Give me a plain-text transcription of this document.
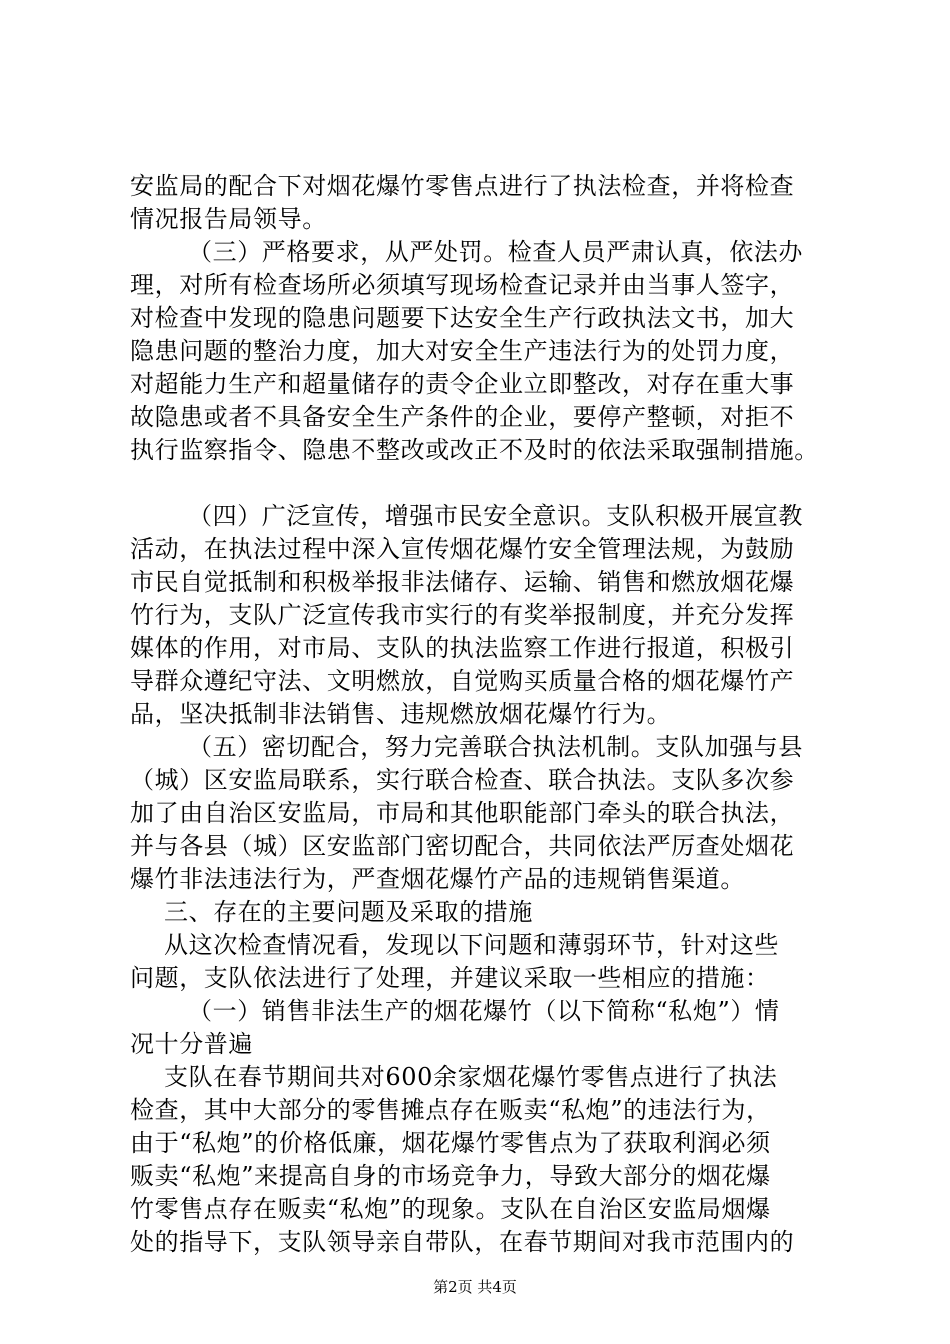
安监局的配合下对烟花爆竹零售点进行了执法检查，并将检查
情况报告局领导。
（三）严格要求，从严处罚。检查人员严肃认真，依法办
理，对所有检查场所必须填写现场检查记录并由当事人签字，
对检查中发现的隐患问题要下达安全生产行政执法文书，加大
隐患问题的整治力度，加大对安全生产违法行为的处罚力度，
对超能力生产和超量储存的责令企业立即整改，对存在重大事
故隐患或者不具备安全生产条件的企业，要停产整顿，对拒不
执行监察指令、隐患不整改或改正不及时的依法采取强制措施。
（四）广泛宣传，增强市民安全意识。支队积极开展宣教
活动，在执法过程中深入宣传烟花爆竹安全管理法规，为鼓励
市民自觉抵制和积极举报非法储存、运输、销售和燃放烟花爆
竹行为，支队广泛宣传我市实行的有奖举报制度，并充分发挥
媒体的作用，对市局、支队的执法监察工作进行报道，积极引
导群众遵纪守法、文明燃放，自觉购买质量合格的烟花爆竹产
品，坚决抵制非法销售、违规燃放烟花爆竹行为。
（五）密切配合，努力完善联合执法机制。支队加强与县
（城）区安监局联系，实行联合检查、联合执法。支队多次参
加了由自治区安监局，市局和其他职能部门牵头的联合执法，
并与各县（城）区安监部门密切配合，共同依法严厉查处烟花
爆竹非法违法行为，严查烟花爆竹产品的违规销售渠道。
三、存在的主要问题及采取的措施
从这次检查情况看，发现以下问题和薄弱环节，针对这些
问题，支队依法进行了处理，并建议采取一些相应的措施：
（一）销售非法生产的烟花爆竹（以下简称“私炮”）情
况十分普遍
支队在春节期间共对600余家烟花爆竹零售点进行了执法
检查，其中大部分的零售摊点存在贩卖“私炮”的违法行为，
由于“私炮”的价格低廉，烟花爆竹零售点为了获取利润必须
贩卖“私炮”来提高自身的市场竞争力，导致大部分的烟花爆
竹零售点存在贩卖“私炮”的现象。支队在自治区安监局烟爆
处的指导下，支队领导亲自带队，在春节期间对我市范围内的
第2页 共4页
